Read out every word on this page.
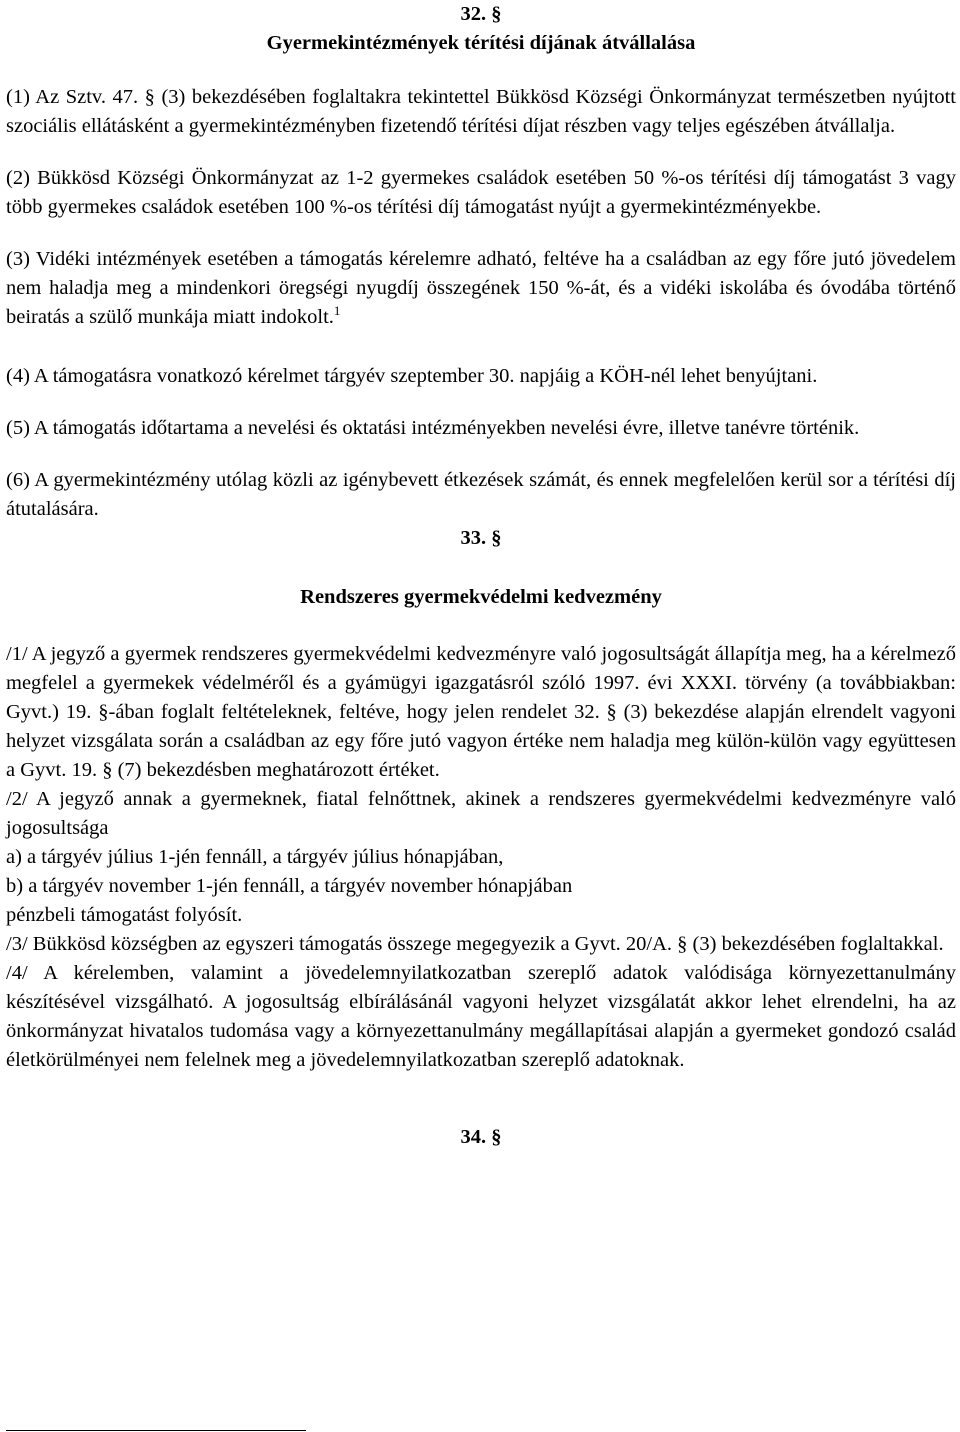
32. §
Gyermekintézmények térítési díjának átvállalása

(1) Az Sztv. 47. § (3) bekezdésében foglaltakra tekintettel Bükkösd Községi Önkormányzat természetben nyújtott szociális ellátásként a gyermekintézményben fizetendő térítési díjat részben vagy teljes egészében átvállalja.

(2) Bükkösd Községi Önkormányzat az 1-2 gyermekes családok esetében 50 %-os térítési díj támogatást 3 vagy több gyermekes családok esetében 100 %-os térítési díj támogatást nyújt a gyermekintézményekbe.

(3) Vidéki intézmények esetében a támogatás kérelemre adható, feltéve ha a családban az egy főre jutó jövedelem nem haladja meg a mindenkori öregségi nyugdíj összegének 150 %-át, és a vidéki iskolába és óvodába történő beiratás a szülő munkája miatt indokolt.$^1$

(4) A támogatásra vonatkozó kérelmet tárgyév szeptember 30. napjáig a KÖH-nél lehet benyújtani.

(5) A támogatás időtartama a nevelési és oktatási intézményekben nevelési évre, illetve tanévre történik.

(6) A gyermekintézmény utólag közli az igénybevett étkezések számát, és ennek megfelelően kerül sor a térítési díj átutalására.

33. §
Rendszeres gyermekvédelmi kedvezmény

/1/ A jegyző a gyermek rendszeres gyermekvédelmi kedvezményre való jogosultságát állapítja meg, ha a kérelmező megfelel a gyermekek védelméről és a gyámügyi igazgatásról szóló 1997. évi XXXI. törvény (a továbbiakban: Gyvt.) 19. §-ában foglalt feltételeknek, feltéve, hogy jelen rendelet 32. § (3) bekezdése alapján elrendelt vagyoni helyzet vizsgálata során a családban az egy főre jutó vagyon értéke nem haladja meg külön-külön vagy együttesen a Gyvt. 19. § (7) bekezdésben meghatározott értéket.

/2/ A jegyző annak a gyermeknek, fiatal felnőttnek, akinek a rendszeres gyermekvédelmi kedvezményre való jogosultsága

a) a tárgyév július 1-jén fennáll, a tárgyév július hónapjában,

b) a tárgyév november 1-jén fennáll, a tárgyév november hónapjában

pénzbeli támogatást folyósít.

/3/ Bükkösd községben az egyszeri támogatás összege megegyezik a Gyvt. 20/A. § (3) bekezdésében foglaltakkal.

/4/ A kérelemben, valamint a jövedelemnyilatkozatban szereplő adatok valódisága környezettanulmány készítésével vizsgálható. A jogosultság elbírálásánál vagyoni helyzet vizsgálatát akkor lehet elrendelni, ha az önkormányzat hivatalos tudomása vagy a környezettanulmány megállapításai alapján a gyermeket gondozó család életkörülményei nem felelnek meg a jövedelemnyilatkozatban szereplő adatoknak.

34. §
